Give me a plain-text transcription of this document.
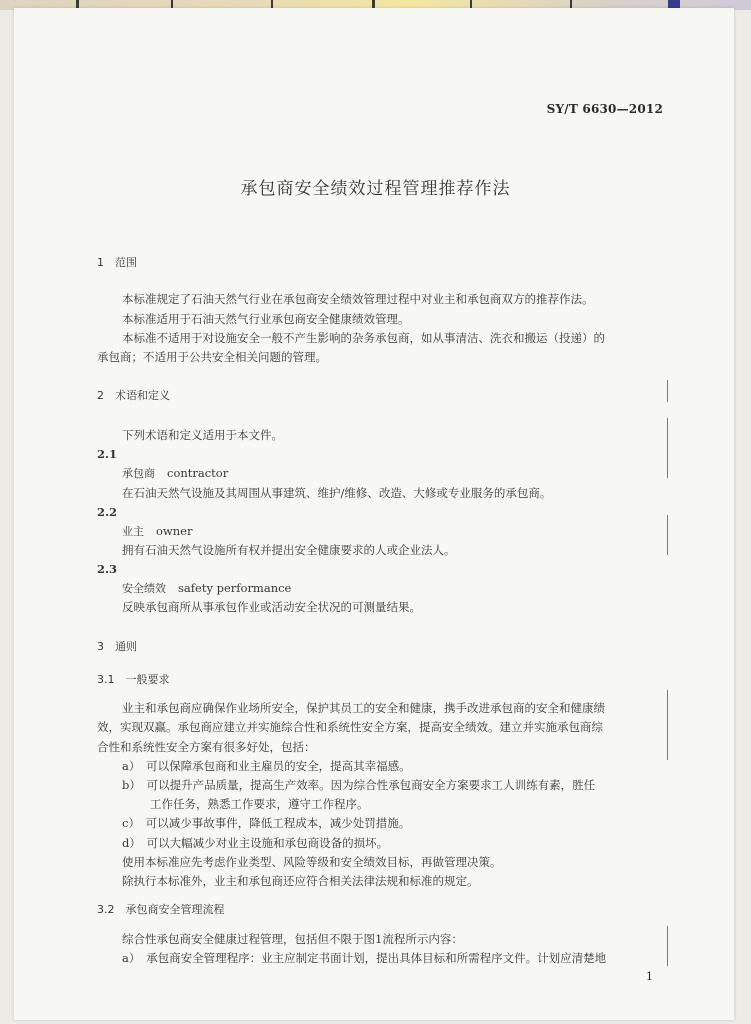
SY/T 6630—2012
承包商安全绩效过程管理推荐作法
1　范围
本标准规定了石油天然气行业在承包商安全绩效管理过程中对业主和承包商双方的推荐作法。
本标准适用于石油天然气行业承包商安全健康绩效管理。
本标准不适用于对设施安全一般不产生影响的杂务承包商，如从事清洁、洗衣和搬运（投递）的
承包商；不适用于公共安全相关问题的管理。
2　术语和定义
下列术语和定义适用于本文件。
2.1
承包商 contractor
在石油天然气设施及其周围从事建筑、维护/维修、改造、大修或专业服务的承包商。
2.2
业主 owner
拥有石油天然气设施所有权并提出安全健康要求的人或企业法人。
2.3
安全绩效 safety performance
反映承包商所从事承包作业或活动安全状况的可测量结果。
3　通则
3.1　一般要求
业主和承包商应确保作业场所安全，保护其员工的安全和健康，携手改进承包商的安全和健康绩
效，实现双赢。承包商应建立并实施综合性和系统性安全方案，提高安全绩效。建立并实施承包商综
合性和系统性安全方案有很多好处，包括：
a）　可以保障承包商和业主雇员的安全，提高其幸福感。
b）　可以提升产品质量，提高生产效率。因为综合性承包商安全方案要求工人训练有素，胜任
工作任务，熟悉工作要求，遵守工作程序。
c）　可以减少事故事件，降低工程成本，减少处罚措施。
d）　可以大幅减少对业主设施和承包商设备的损坏。
使用本标准应先考虑作业类型、风险等级和安全绩效目标，再做管理决策。
除执行本标准外，业主和承包商还应符合相关法律法规和标准的规定。
3.2　承包商安全管理流程
综合性承包商安全健康过程管理，包括但不限于图1流程所示内容：
a）　承包商安全管理程序：业主应制定书面计划，提出具体目标和所需程序文件。计划应清楚地
1
